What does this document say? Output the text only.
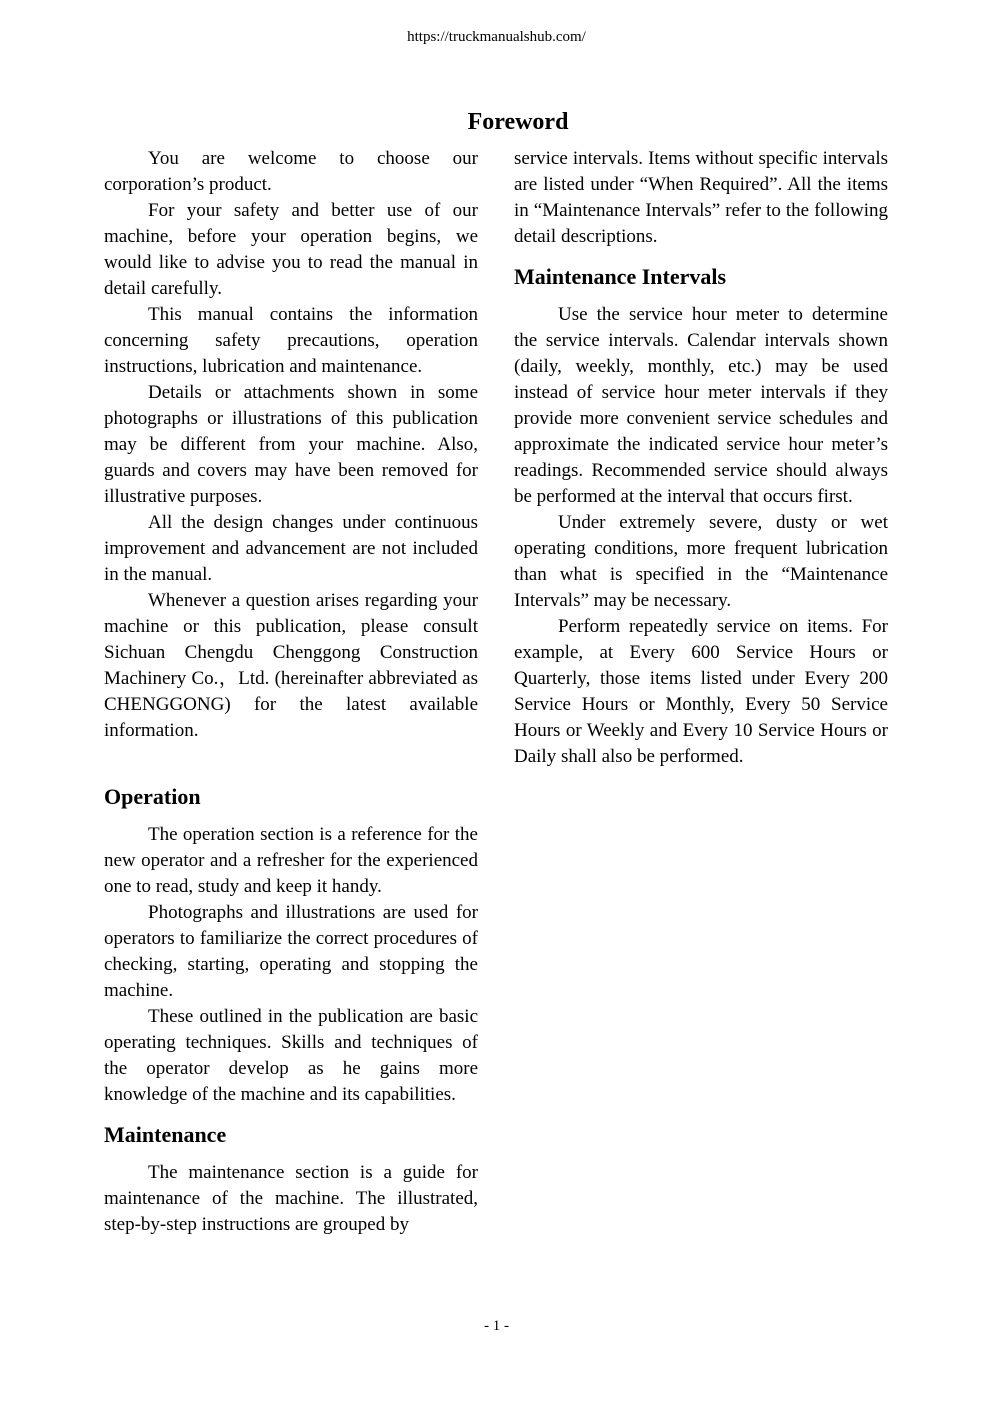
https://truckmanualshub.com/
Foreword

You are welcome to choose our corporation’s product.

For your safety and better use of our machine, before your operation begins, we would like to advise you to read the manual in detail carefully.

This manual contains the information concerning safety precautions, operation instructions, lubrication and maintenance.

Details or attachments shown in some photographs or illustrations of this publication may be different from your machine. Also, guards and covers may have been removed for illustrative purposes.

All the design changes under continuous improvement and advancement are not included in the manual.

Whenever a question arises regarding your machine or this publication, please consult Sichuan Chengdu Chenggong Construction Machinery Co.，Ltd. (hereinafter abbreviated as CHENGGONG) for the latest available information.

Operation

The operation section is a reference for the new operator and a refresher for the experienced one to read, study and keep it handy.

Photographs and illustrations are used for operators to familiarize the correct procedures of checking, starting, operating and stopping the machine.

These outlined in the publication are basic operating techniques. Skills and techniques of the operator develop as he gains more knowledge of the machine and its capabilities.

Maintenance

The maintenance section is a guide for maintenance of the machine. The illustrated, step-by-step instructions are grouped by

service intervals. Items without specific intervals are listed under “When Required”. All the items in “Maintenance Intervals” refer to the following detail descriptions.

Maintenance Intervals

Use the service hour meter to determine the service intervals. Calendar intervals shown (daily, weekly, monthly, etc.) may be used instead of service hour meter intervals if they provide more convenient service schedules and approximate the indicated service hour meter’s readings. Recommended service should always be performed at the interval that occurs first.

Under extremely severe, dusty or wet operating conditions, more frequent lubrication than what is specified in the “Maintenance Intervals” may be necessary.

Perform repeatedly service on items. For example, at Every 600 Service Hours or Quarterly, those items listed under Every 200 Service Hours or Monthly, Every 50 Service Hours or Weekly and Every 10 Service Hours or Daily shall also be performed.

- 1 -
